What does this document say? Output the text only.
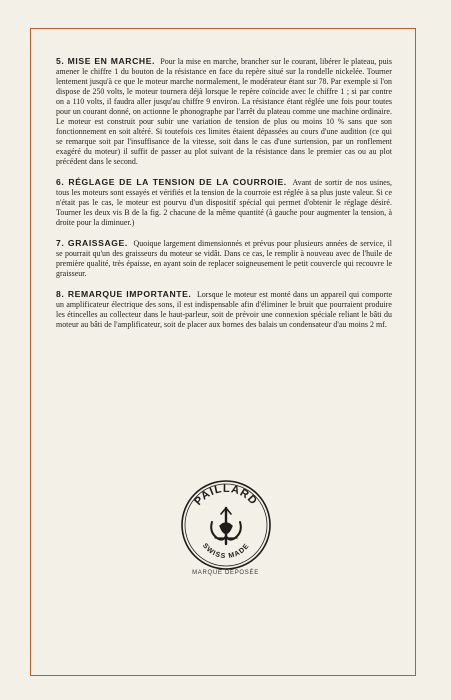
5. MISE EN MARCHE. Pour la mise en marche, brancher sur le courant, libérer le plateau, puis amener le chiffre 1 du bouton de la résistance en face du repère situé sur la rondelle nickelée. Tourner lentement jusqu'à ce que le moteur marche normalement, le modérateur étant sur 78. Par exemple si l'on dispose de 250 volts, le moteur tournera déjà lorsque le repère coïncide avec le chiffre 1 ; si par contre on a 110 volts, il faudra aller jusqu'au chiffre 9 environ. La résistance étant réglée une fois pour toutes pour un courant donné, on actionne le phonographe par l'arrêt du plateau comme une machine ordinaire. Le moteur est construit pour subir une variation de tension de plus ou moins 10 % sans que son fonctionnement en soit altéré. Si toutefois ces limites étaient dépassées au cours d'une audition (ce qui se remarque soit par l'insuffisance de la vitesse, soit dans le cas d'une surtension, par un ronflement exagéré du moteur) il suffit de passer au plot suivant de la résistance dans le premier cas ou au plot précédent dans le second.

6. RÉGLAGE DE LA TENSION DE LA COURROIE. Avant de sortir de nos usines, tous les moteurs sont essayés et vérifiés et la tension de la courroie est réglée à sa plus juste valeur. Si ce n'était pas le cas, le moteur est pourvu d'un dispositif spécial qui permet d'obtenir le réglage désiré. Tourner les deux vis B de la fig. 2 chacune de la même quantité (à gauche pour augmenter la tension, à droite pour la diminuer.)

7. GRAISSAGE. Quoique largement dimensionnés et prévus pour plusieurs années de service, il se pourrait qu'un des graisseurs du moteur se vidât. Dans ce cas, le remplir à nouveau avec de l'huile de première qualité, très épaisse, en ayant soin de replacer soigneusement le petit couvercle qui recouvre le graisseur.

8. REMARQUE IMPORTANTE. Lorsque le moteur est monté dans un appareil qui comporte un amplificateur électrique des sons, il est indispensable afin d'éliminer le bruit que pourraient produire les étincelles au collecteur dans le haut-parleur, soit de prévoir une connexion spéciale reliant le bâti du moteur au bâti de l'amplificateur, soit de placer aux bornes des balais un condensateur d'au moins 2 mf.

PAILLARD
SWISS MADE
MARQUE DÉPOSÉE
